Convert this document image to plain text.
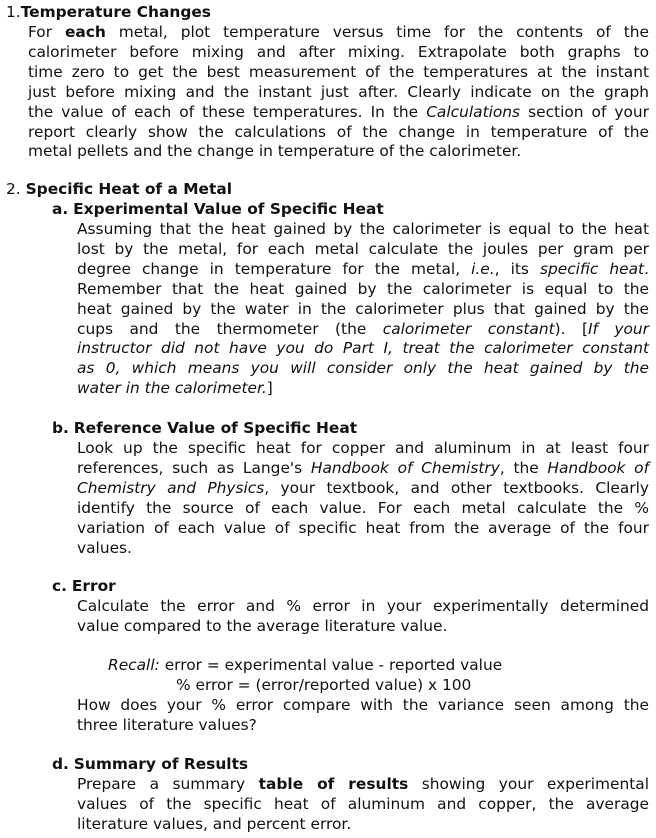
1.Temperature Changes
For each metal, plot temperature versus time for the contents of the
calorimeter before mixing and after mixing. Extrapolate both graphs to
time zero to get the best measurement of the temperatures at the instant
just before mixing and the instant just after. Clearly indicate on the graph
the value of each of these temperatures. In the Calculations section of your
report clearly show the calculations of the change in temperature of the
metal pellets and the change in temperature of the calorimeter.
2. Specific Heat of a Metal
a. Experimental Value of Specific Heat
Assuming that the heat gained by the calorimeter is equal to the heat
lost by the metal, for each metal calculate the joules per gram per
degree change in temperature for the metal, i.e., its specific heat.
Remember that the heat gained by the calorimeter is equal to the
heat gained by the water in the calorimeter plus that gained by the
cups and the thermometer (the calorimeter constant). [If your
instructor did not have you do Part I, treat the calorimeter constant
as 0, which means you will consider only the heat gained by the
water in the calorimeter.]
b. Reference Value of Specific Heat
Look up the specific heat for copper and aluminum in at least four
references, such as Lange's Handbook of Chemistry, the Handbook of
Chemistry and Physics, your textbook, and other textbooks. Clearly
identify the source of each value. For each metal calculate the %
variation of each value of specific heat from the average of the four
values.
c. Error
Calculate the error and % error in your experimentally determined
value compared to the average literature value.
Recall: error = experimental value - reported value
% error = (error/reported value) x 100
How does your % error compare with the variance seen among the
three literature values?
d. Summary of Results
Prepare a summary table of results showing your experimental
values of the specific heat of aluminum and copper, the average
literature values, and percent error.
